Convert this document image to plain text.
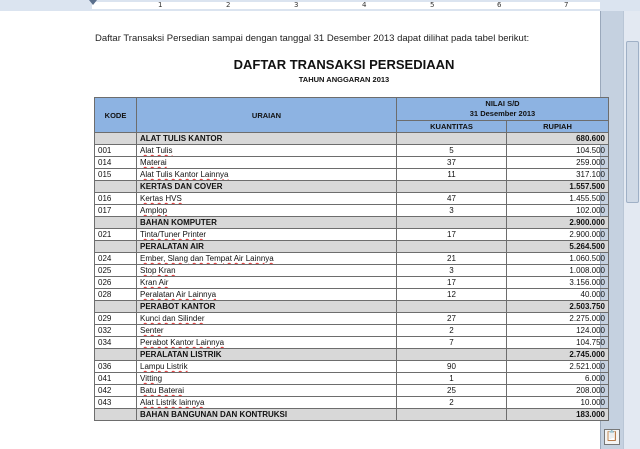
1	2	3	4	5	6	7
Daftar Transaksi Persedian sampai dengan tanggal 31 Desember 2013 dapat dilihat pada tabel berikut:
DAFTAR TRANSAKSI PERSEDIAAN
TAHUN ANGGARAN 2013
KODE	URAIAN	NILAI S/D
31 Desember 2013	

		KUANTITAS	RUPIAH
	ALAT TULIS KANTOR		680.600
001	Alat Tulis	5	104.500
014	Materai	37	259.000
015	Alat Tulis Kantor Lainnya	11	317.100
	KERTAS DAN COVER		1.557.500
016	Kertas HVS	47	1.455.500
017	Amplop	3	102.000
	BAHAN KOMPUTER		2.900.000
021	Tinta/Tuner Printer	17	2.900.000
	PERALATAN AIR		5.264.500
024	Ember, Slang dan Tempat Air Lainnya	21	1.060.500
025	Stop Kran	3	1.008.000
026	Kran Air	17	3.156.000
028	Peralatan Air Lainnya	12	40.000
	PERABOT KANTOR		2.503.750
029	Kunci dan Silinder	27	2.275.000
032	Senter	2	124.000
034	Perabot Kantor Lainnya	7	104.750
	PERALATAN LISTRIK		2.745.000
036	Lampu Listrik	90	2.521.000
041	Vitting	1	6.000
042	Batu Baterai	25	208.000
043	Alat Listrik lainnya	2	10.000
	BAHAN BANGUNAN DAN KONTRUKSI		183.000
📋
